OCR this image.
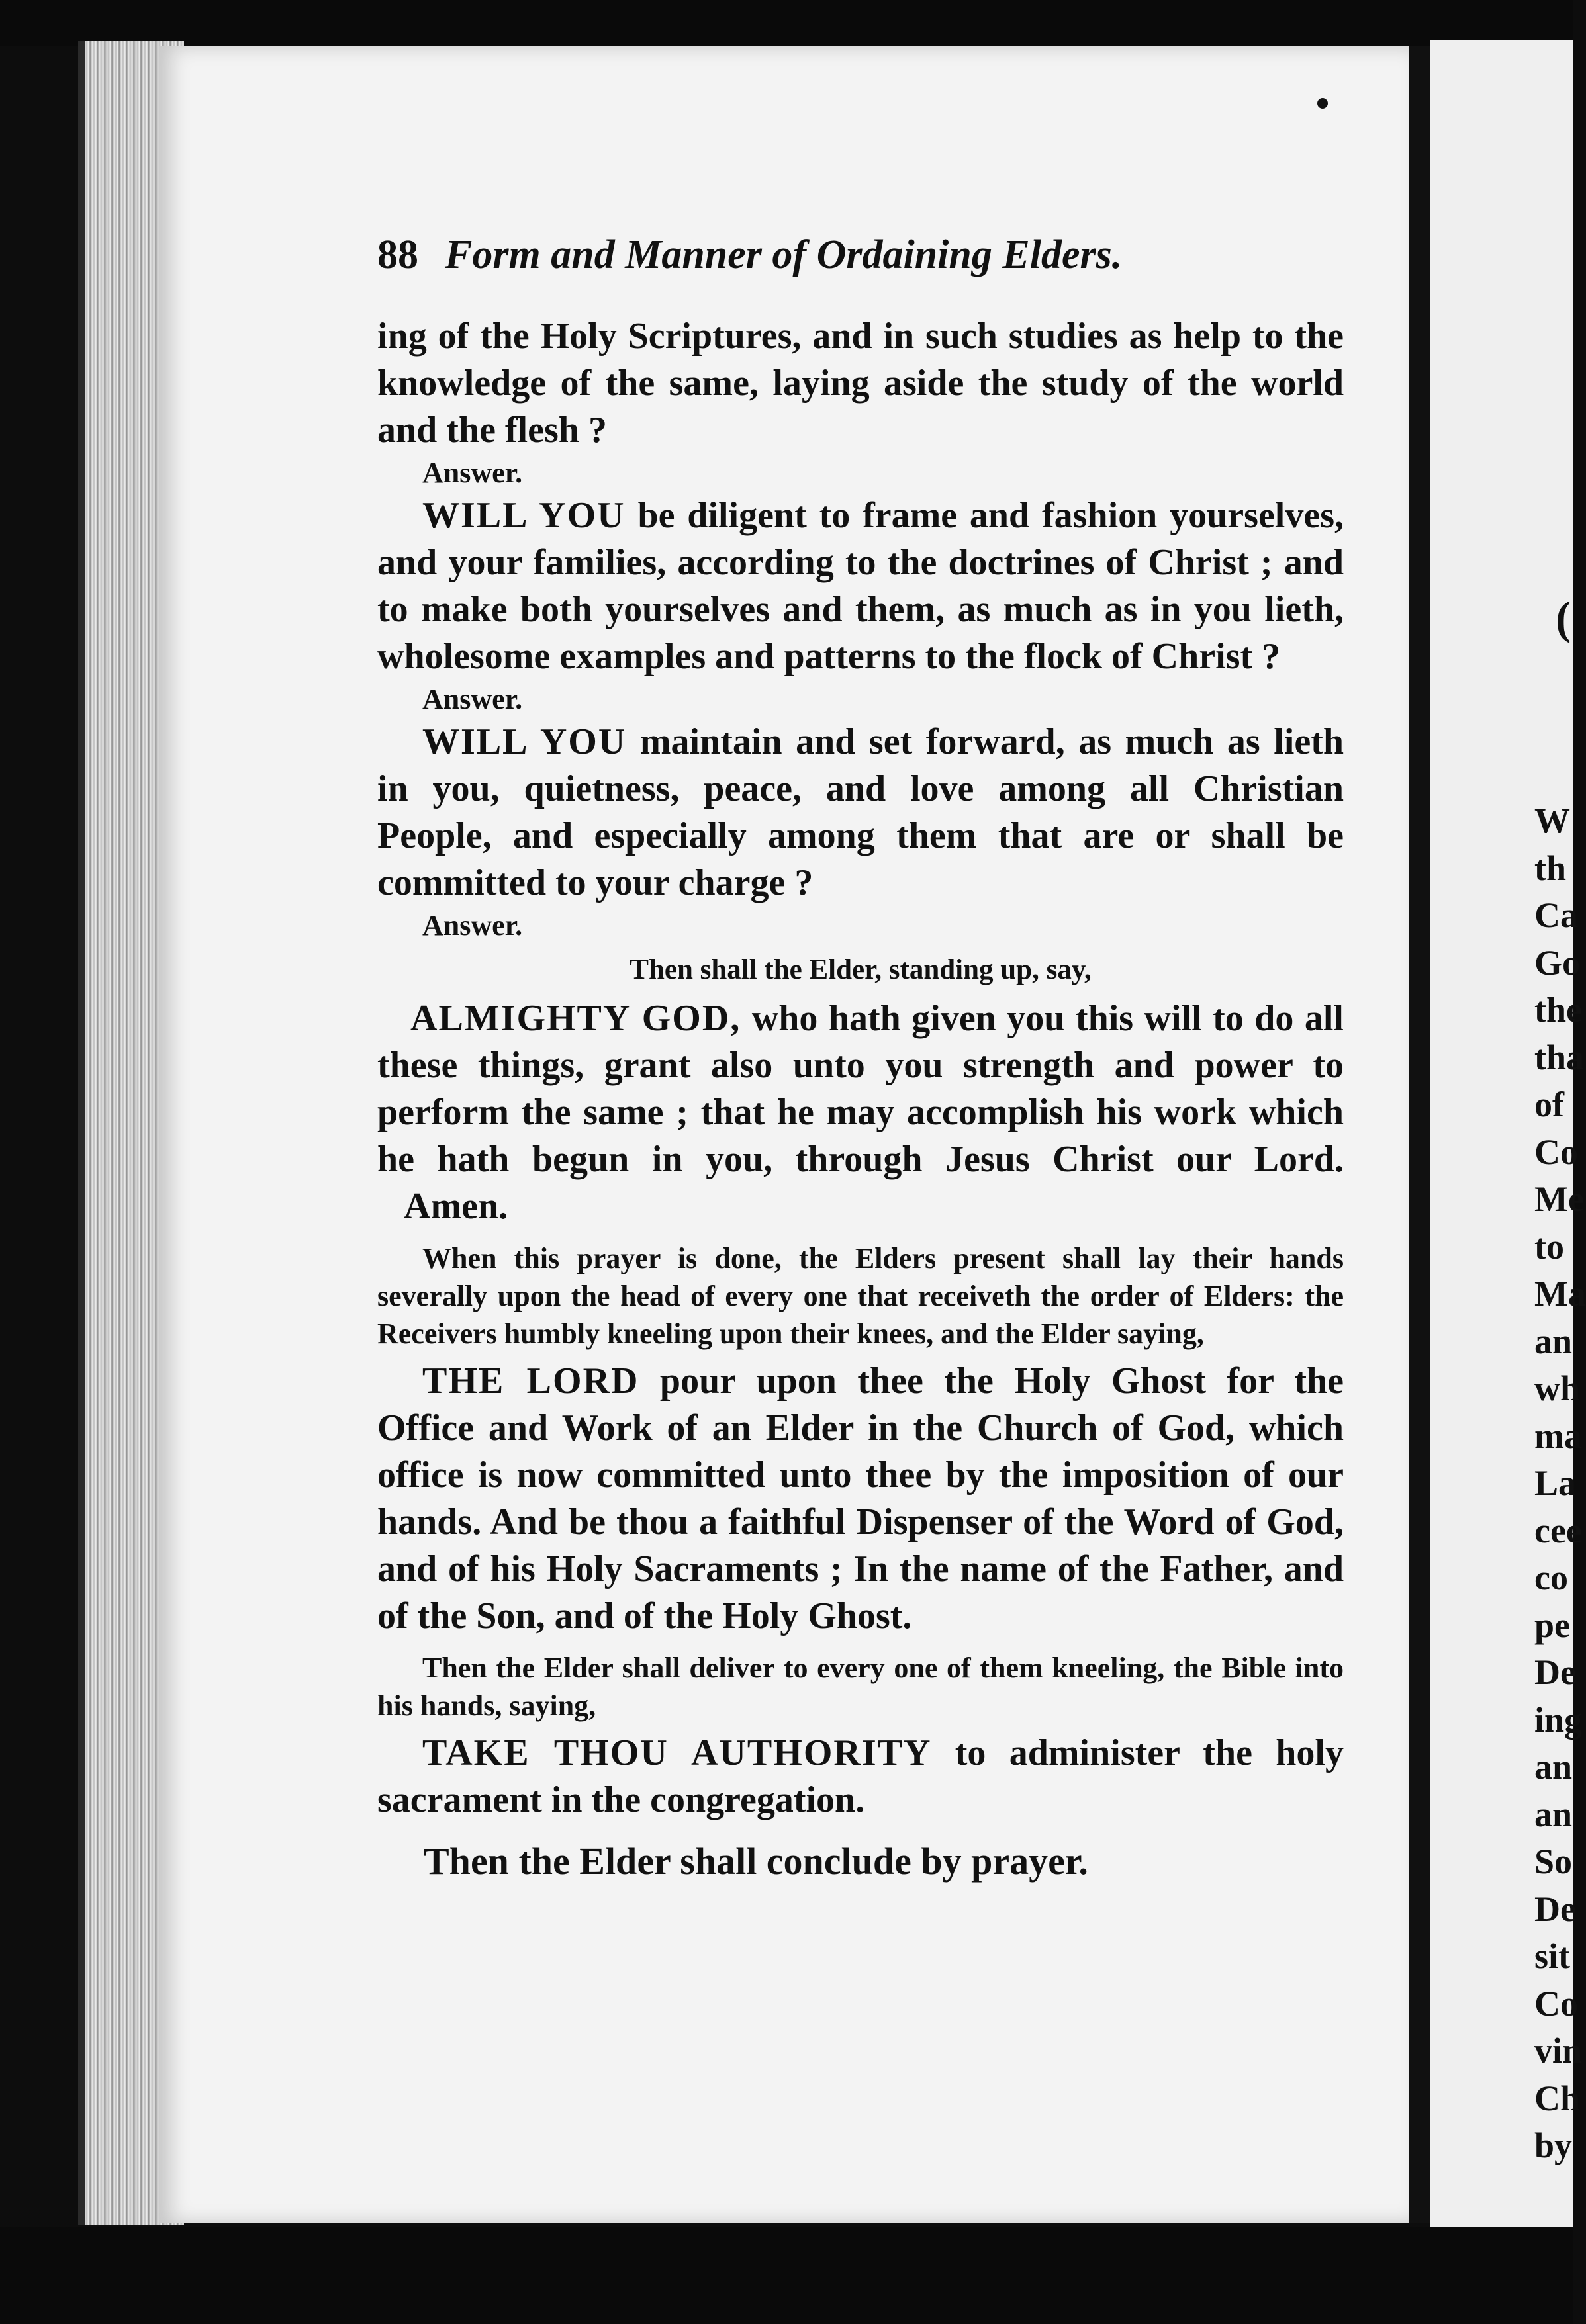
(
W
th
Ca
Go
the
tha
of
Co
Me
to
Ma
an
wh
ma
La
cee
co
pe
De
ing
an
an
So
De
sit
Co
vin
Ch
by
88 Form and Manner of Ordaining Elders.
ing of the Holy Scriptures, and in such studies as help to the knowledge of the same, laying aside the study of the world and the flesh ?
Answer.
WILL YOU be diligent to frame and fashion yourselves, and your families, according to the doctrines of Christ ; and to make both yourselves and them, as much as in you lieth, wholesome examples and patterns to the flock of Christ ?
Answer.
WILL YOU maintain and set forward, as much as lieth in you, quietness, peace, and love among all Christian People, and especially among them that are or shall be committed to your charge ?
Answer.
Then shall the Elder, standing up, say,
ALMIGHTY GOD, who hath given you this will to do all these things, grant also unto you strength and power to perform the same ; that he may accomplish his work which he hath begun in you, through Jesus Christ our Lord. Amen.
When this prayer is done, the Elders present shall lay their hands severally upon the head of every one that receiveth the order of Elders: the Receivers humbly kneeling upon their knees, and the Elder saying,
THE LORD pour upon thee the Holy Ghost for the Office and Work of an Elder in the Church of God, which office is now committed unto thee by the imposition of our hands. And be thou a faithful Dispenser of the Word of God, and of his Holy Sacraments ; In the name of the Father, and of the Son, and of the Holy Ghost.
Then the Elder shall deliver to every one of them kneeling, the Bible into his hands, saying,
TAKE THOU AUTHORITY to administer the holy sacrament in the congregation.
Then the Elder shall conclude by prayer.
